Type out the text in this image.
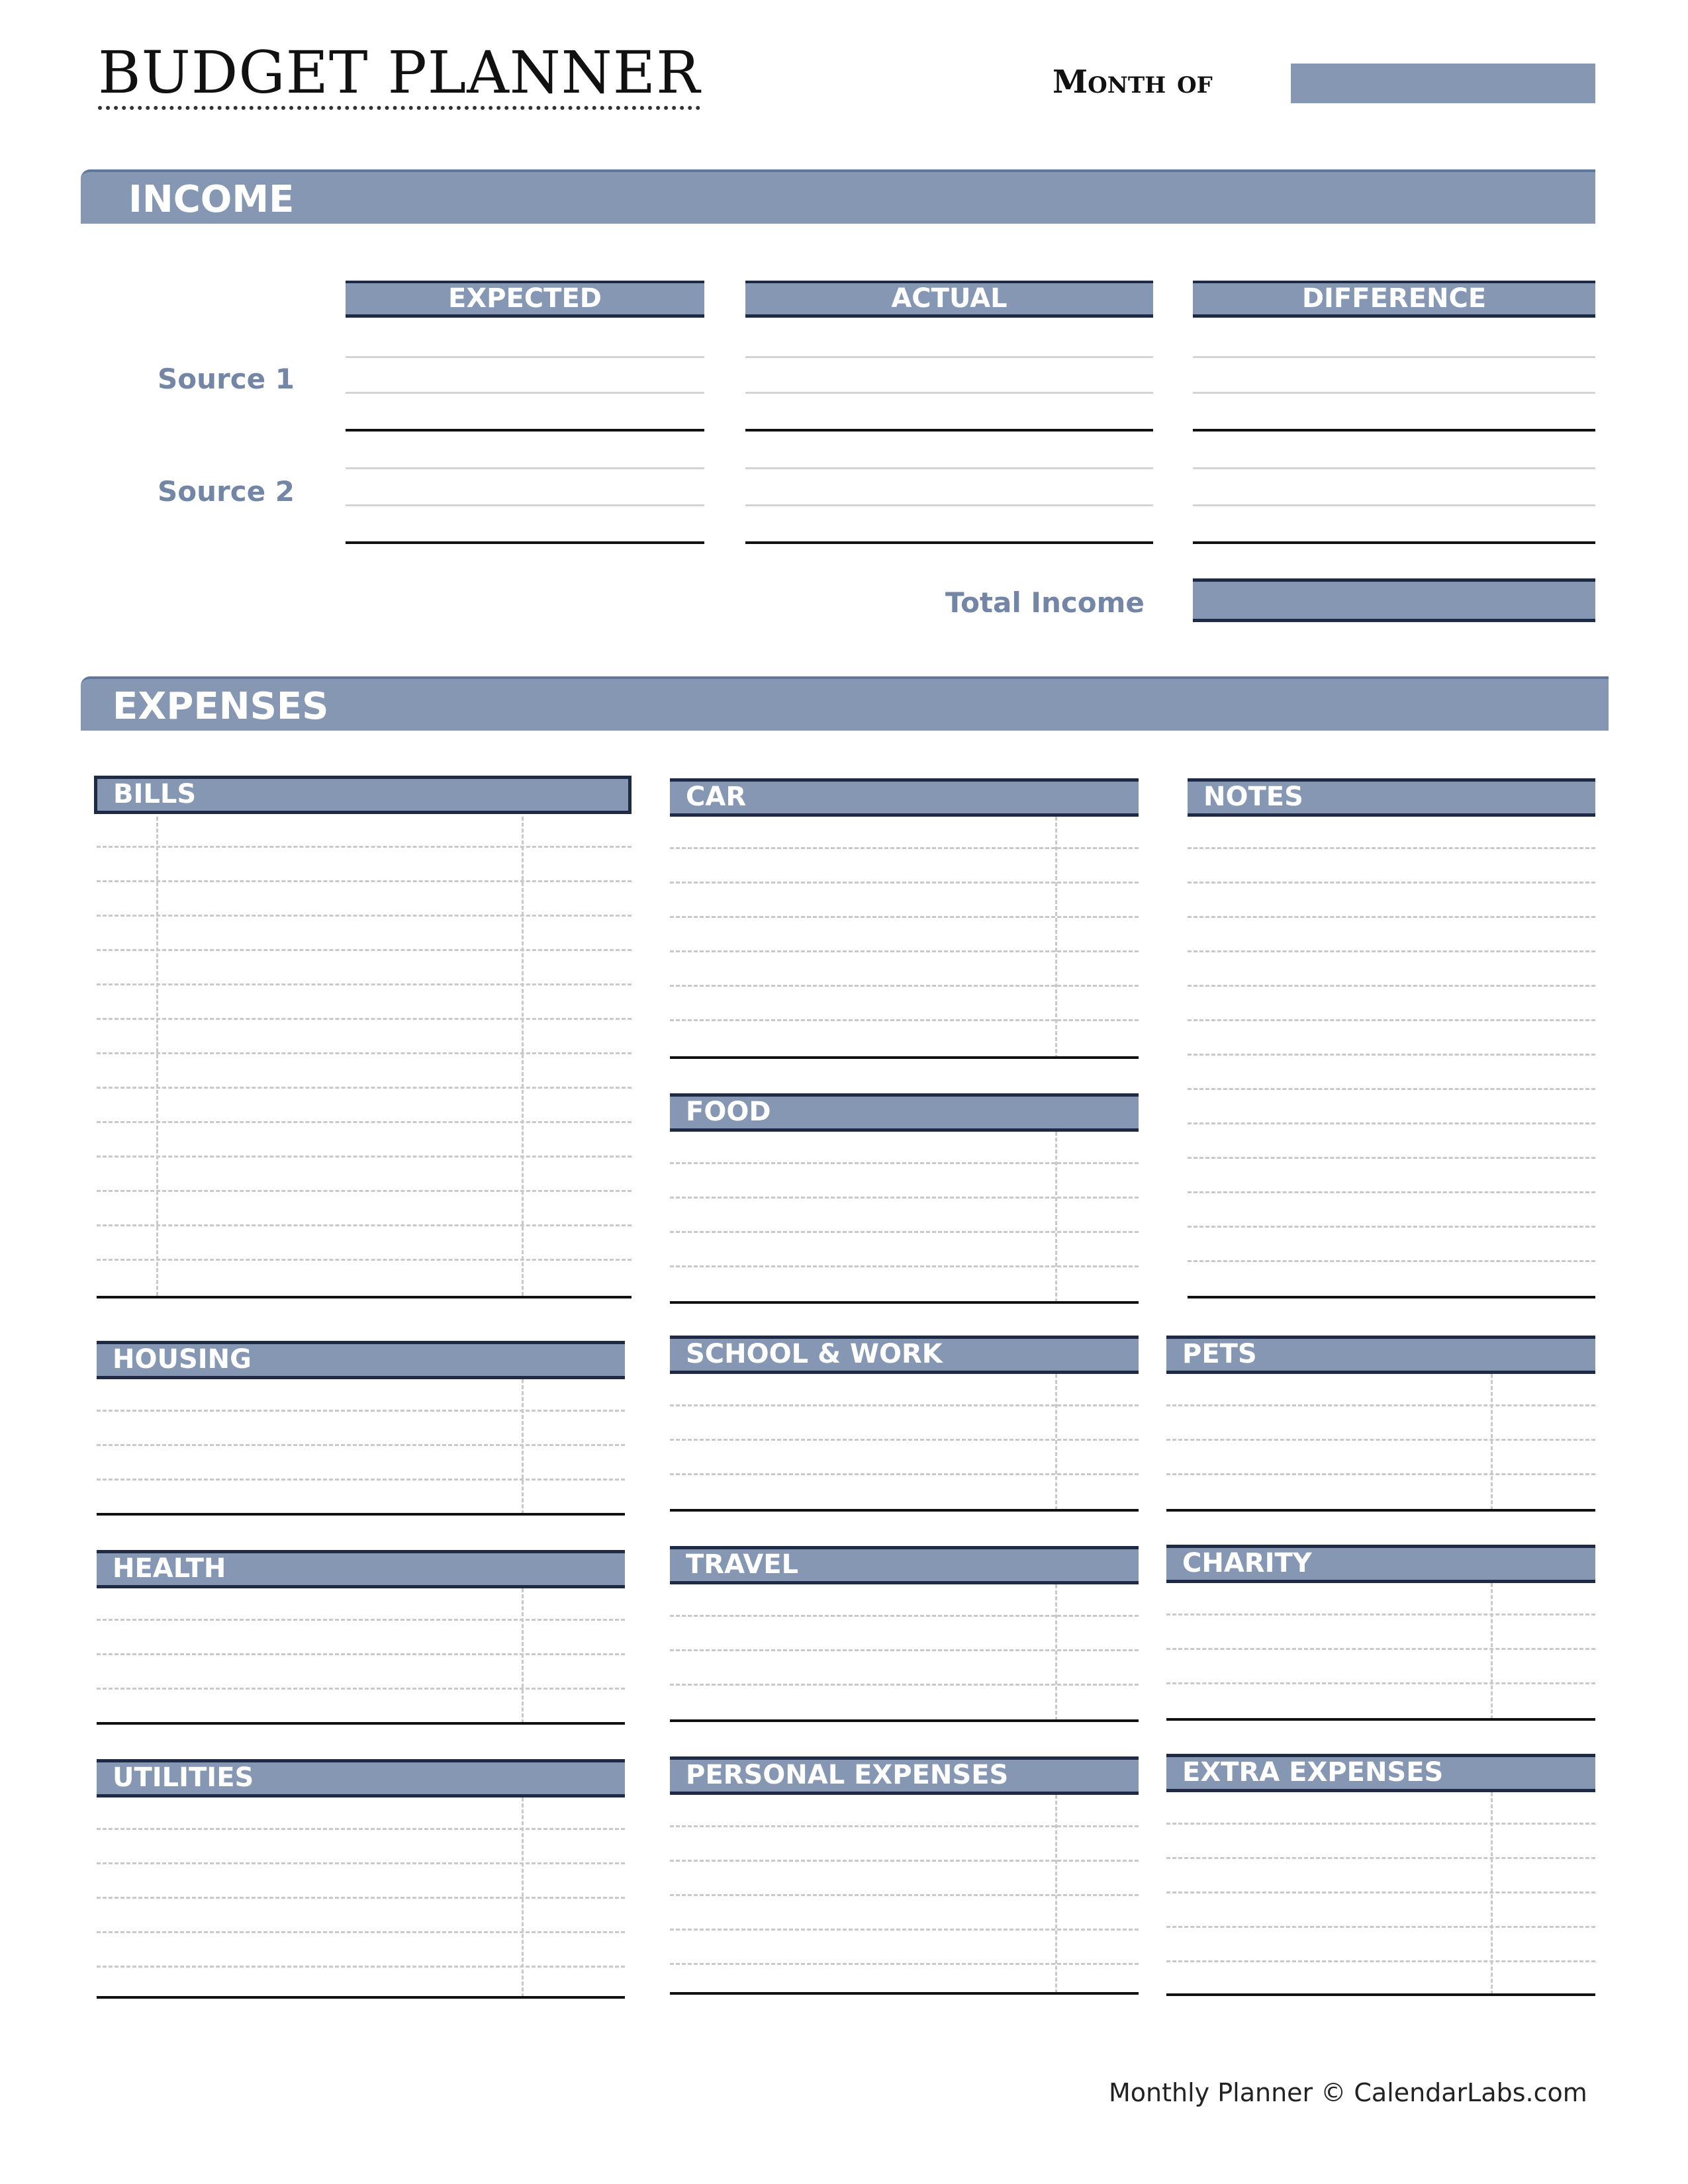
BUDGET PLANNER	Month of
INCOME
EXPECTED	ACTUAL	DIFFERENCE
Source 1
Source 2
Total Income
EXPENSES
BILLS	CAR	NOTES
FOOD
HOUSING	SCHOOL & WORK	PETS
HEALTH	TRAVEL	CHARITY
UTILITIES	PERSONAL EXPENSES	EXTRA EXPENSES
Monthly Planner © CalendarLabs.com
